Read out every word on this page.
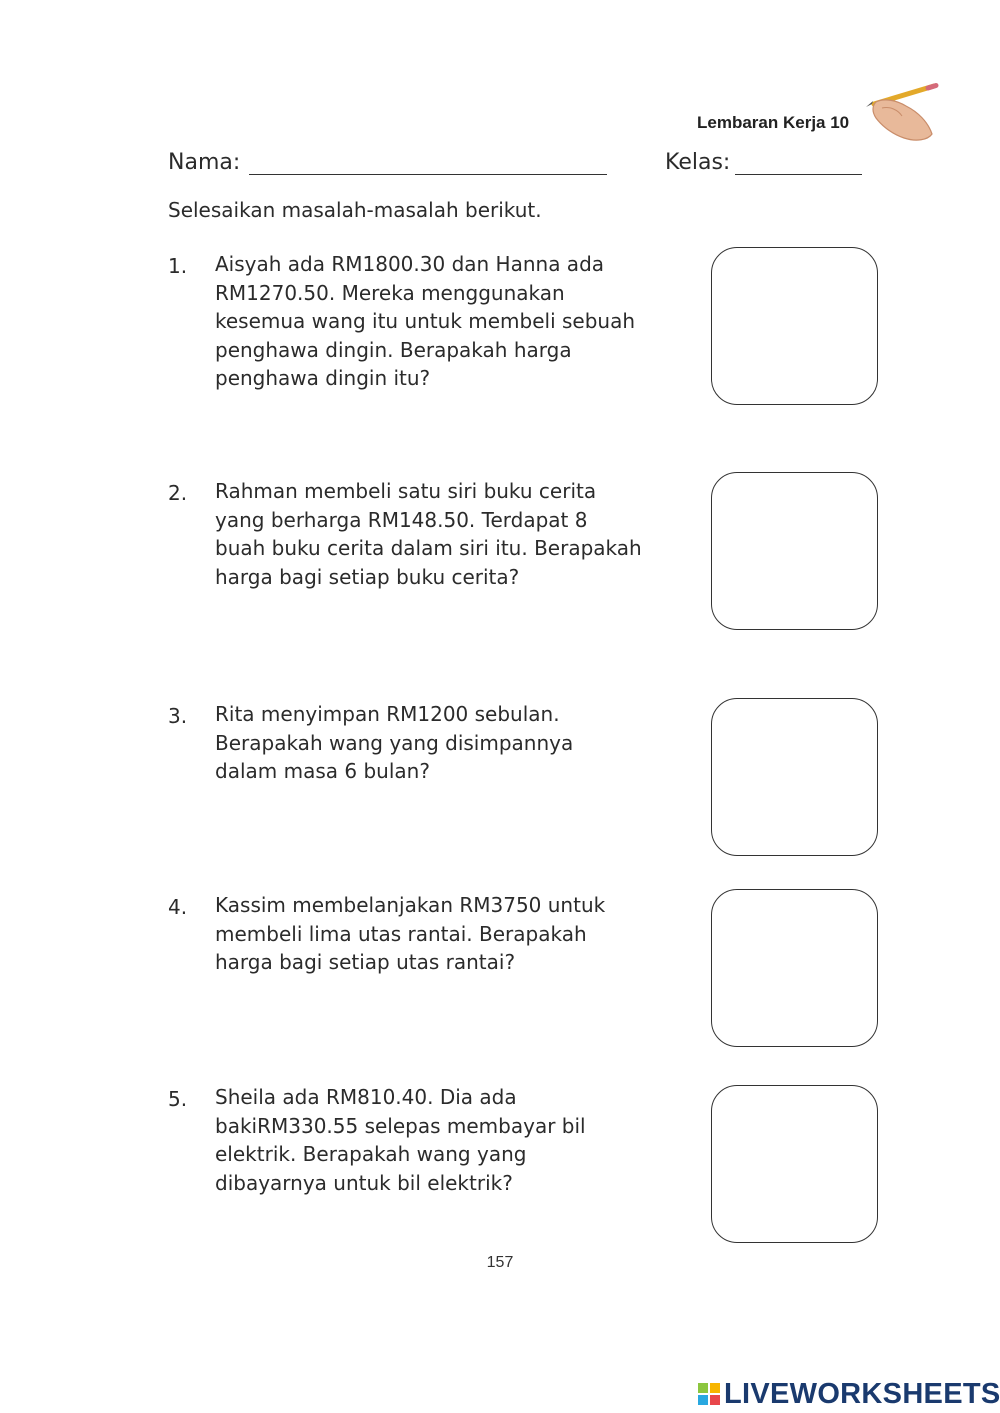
Lembaran Kerja 10
Nama:	Kelas:
Selesaikan masalah-masalah berikut.
1. Aisyah ada RM1800.30 dan Hanna ada
RM1270.50. Mereka menggunakan
kesemua wang itu untuk membeli sebuah
penghawa dingin. Berapakah harga
penghawa dingin itu?
2. Rahman membeli satu siri buku cerita
yang berharga RM148.50. Terdapat 8
buah buku cerita dalam siri itu. Berapakah
harga bagi setiap buku cerita?
3. Rita menyimpan RM1200 sebulan.
Berapakah wang yang disimpannya
dalam masa 6 bulan?
4. Kassim membelanjakan RM3750 untuk
membeli lima utas rantai. Berapakah
harga bagi setiap utas rantai?
5. Sheila ada RM810.40. Dia ada
bakiRM330.55 selepas membayar bil
elektrik. Berapakah wang yang
dibayarnya untuk bil elektrik?
157
LIVEWORKSHEETS
